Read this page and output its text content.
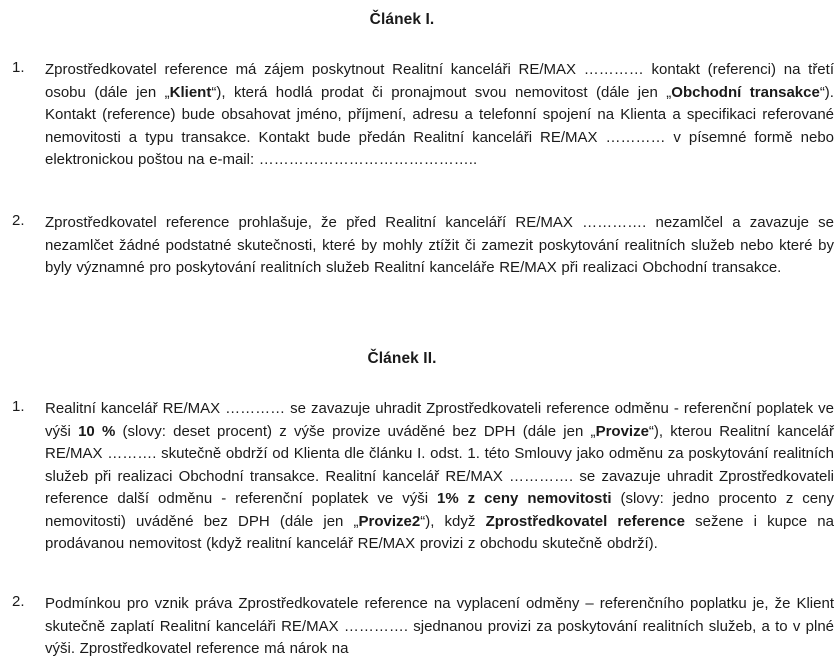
Článek I.
1.	Zprostředkovatel reference má zájem poskytnout Realitní kanceláři RE/MAX ………… kontakt (referenci) na třetí osobu (dále jen „Klient“), která hodlá prodat či pronajmout svou nemovitost (dále jen „Obchodní transakce“). Kontakt (reference) bude obsahovat jméno, příjmení, adresu a telefonní spojení na Klienta a specifikaci referované nemovitosti a typu transakce. Kontakt bude předán Realitní kanceláři RE/MAX ………… v písemné formě nebo elektronickou poštou na e-mail: ……………………………………..
2.	Zprostředkovatel reference prohlašuje, že před Realitní kanceláří RE/MAX …………. nezamlčel a zavazuje se nezamlčet žádné podstatné skutečnosti, které by mohly ztížit či zamezit poskytování realitních služeb nebo které by byly významné pro poskytování realitních služeb Realitní kanceláře RE/MAX při realizaci Obchodní transakce.
Článek II.
1.	Realitní kancelář RE/MAX ………… se zavazuje uhradit Zprostředkovateli reference odměnu - referenční poplatek ve výši 10 % (slovy: deset procent) z výše provize uváděné bez DPH (dále jen „Provize“), kterou Realitní kancelář RE/MAX ………. skutečně obdrží od Klienta dle článku I. odst. 1. této Smlouvy jako odměnu za poskytování realitních služeb při realizaci Obchodní transakce. Realitní kancelář RE/MAX …………. se zavazuje uhradit Zprostředkovateli reference další odměnu - referenční poplatek ve výši 1% z ceny nemovitosti (slovy: jedno procento z ceny nemovitosti) uváděné bez DPH (dále jen „Provize2“), když Zprostředkovatel reference sežene i kupce na prodávanou nemovitost (když realitní kancelář RE/MAX provizi z obchodu skutečně obdrží).
2.	Podmínkou pro vznik práva Zprostředkovatele reference na vyplacení odměny – referenčního poplatku je, že Klient skutečně zaplatí Realitní kanceláři RE/MAX …………. sjednanou provizi za poskytování realitních služeb, a to v plné výši. Zprostředkovatel reference má nárok na
